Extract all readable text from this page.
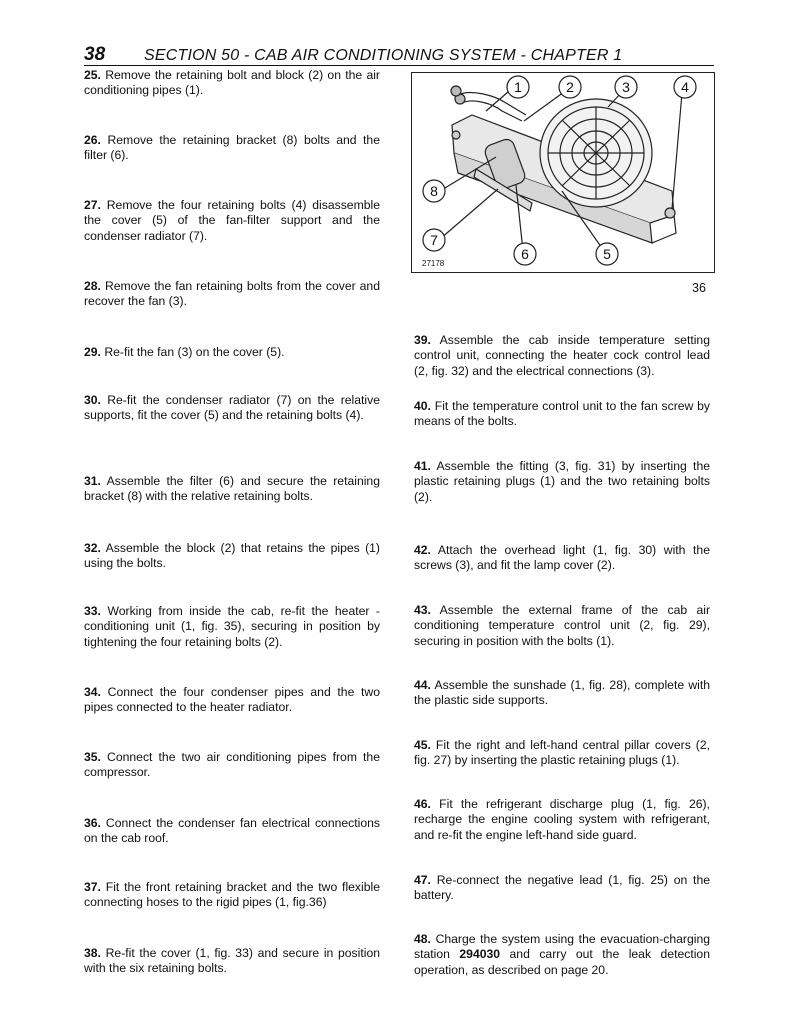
38 SECTION 50 - CAB AIR CONDITIONING SYSTEM - CHAPTER 1
25. Remove the retaining bolt and block (2) on the air conditioning pipes (1).
26. Remove the retaining bracket (8) bolts and the filter (6).
27. Remove the four retaining bolts (4) disassemble the cover (5) of the fan-filter support and the condenser radiator (7).
28. Remove the fan retaining bolts from the cover and recover the fan (3).
29. Re-fit the fan (3) on the cover (5).
30. Re-fit the condenser radiator (7) on the relative supports, fit the cover (5) and the retaining bolts (4).
31. Assemble the filter (6) and secure the retaining bracket (8) with the relative retaining bolts.
32. Assemble the block (2) that retains the pipes (1) using the bolts.
33. Working from inside the cab, re-fit the heater - conditioning unit (1, fig. 35), securing in position by tightening the four retaining bolts (2).
34. Connect the four condenser pipes and the two pipes connected to the heater radiator.
35. Connect the two air conditioning pipes from the compressor.
36. Connect the condenser fan electrical connections on the cab roof.
37. Fit the front retaining bracket and the two flexible connecting hoses to the rigid pipes (1, fig.36)
38. Re-fit the cover (1, fig. 33) and secure in position with the six retaining bolts.
1	2	3	4
5
6
7
8
27178
36
39. Assemble the cab inside temperature setting control unit, connecting the heater cock control lead (2, fig. 32) and the electrical connections (3).
40. Fit the temperature control unit to the fan screw by means of the bolts.
41. Assemble the fitting (3, fig. 31) by inserting the plastic retaining plugs (1) and the two retaining bolts (2).
42. Attach the overhead light (1, fig. 30) with the screws (3), and fit the lamp cover (2).
43. Assemble the external frame of the cab air conditioning temperature control unit (2, fig. 29), securing in position with the bolts (1).
44. Assemble the sunshade (1, fig. 28), complete with the plastic side supports.
45. Fit the right and left-hand central pillar covers (2, fig. 27) by inserting the plastic retaining plugs (1).
46. Fit the refrigerant discharge plug (1, fig. 26), recharge the engine cooling system with refrigerant, and re-fit the engine left-hand side guard.
47. Re-connect the negative lead (1, fig. 25) on the battery.
48. Charge the system using the evacuation-charging station 294030 and carry out the leak detection operation, as described on page 20.
